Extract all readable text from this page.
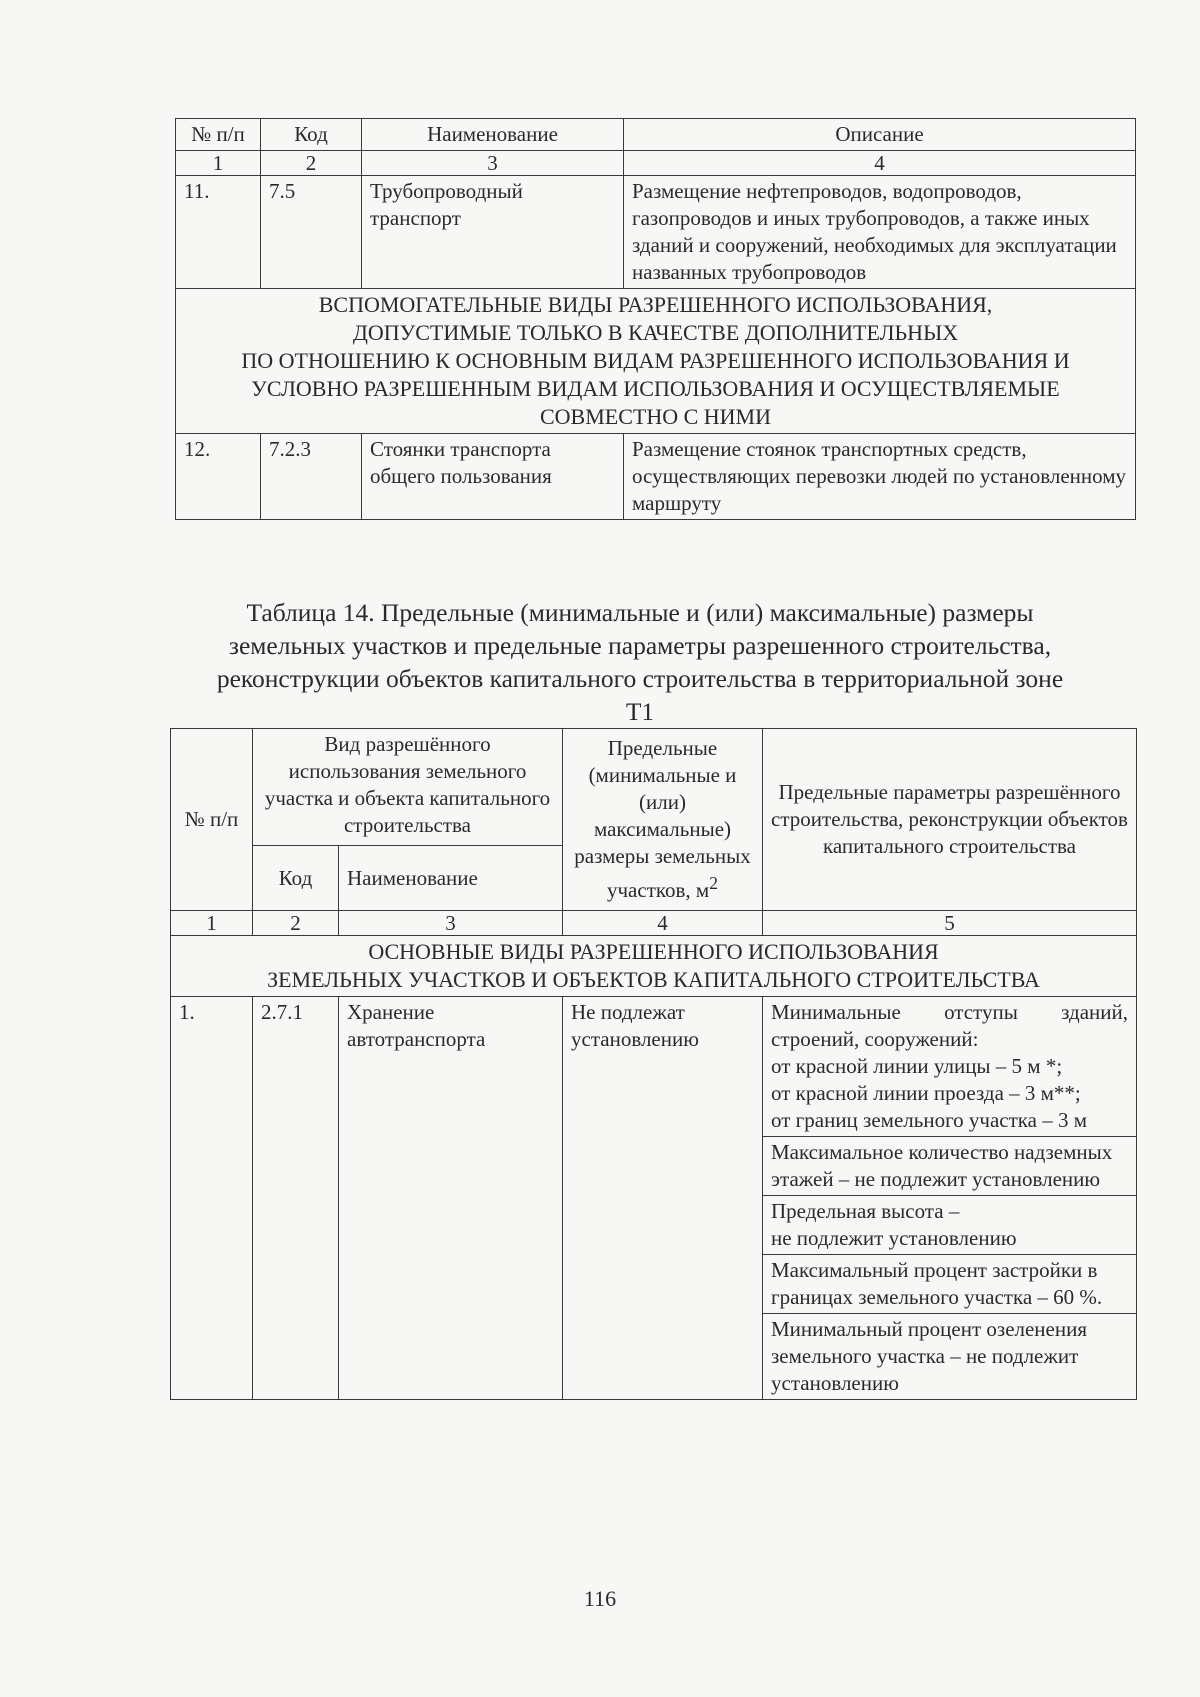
№ п/п	Код	Наименование	Описание
1	2	3	4
11.	7.5	Трубопроводный транспорт	Размещение нефтепроводов, водопроводов, газопроводов и иных трубопроводов, а также иных зданий и сооружений, необходимых для эксплуатации названных трубопроводов

ВСПОМОГАТЕЛЬНЫЕ ВИДЫ РАЗРЕШЕННОГО ИСПОЛЬЗОВАНИЯ,
ДОПУСТИМЫЕ ТОЛЬКО В КАЧЕСТВЕ ДОПОЛНИТЕЛЬНЫХ
ПО ОТНОШЕНИЮ К ОСНОВНЫМ ВИДАМ РАЗРЕШЕННОГО ИСПОЛЬЗОВАНИЯ И
УСЛОВНО РАЗРЕШЕННЫМ ВИДАМ ИСПОЛЬЗОВАНИЯ И ОСУЩЕСТВЛЯЕМЫЕ
СОВМЕСТНО С НИМИ			

12.	7.2.3	Стоянки транспорта общего пользования	Размещение стоянок транспортных средств, осуществляющих перевозки людей по установленному маршруту
Таблица 14. Предельные (минимальные и (или) максимальные) размеры
земельных участков и предельные параметры разрешенного строительства,
реконструкции объектов капитального строительства в территориальной зоне
Т1
№ п/п	Вид разрешённого использования земельного участка и объекта капитального строительства		Предельные (минимальные и (или) максимальные) размеры земельных участков, $м^2$	Предельные параметры разрешённого строительства, реконструкции объектов капитального строительства
	Код	Наименование		
1	2	3	4	5

ОСНОВНЫЕ ВИДЫ РАЗРЕШЕННОГО ИСПОЛЬЗОВАНИЯ
ЗЕМЕЛЬНЫХ УЧАСТКОВ И ОБЪЕКТОВ КАПИТАЛЬНОГО СТРОИТЕЛЬСТВА				

1.	2.7.1	Хранение автотранспорта	Не подлежат установлению	Минимальные отступы зданий, строений, сооружений:
от красной линии улицы – 5 м *;
от красной линии проезда – 3 м**;
от границ земельного участка – 3 м

				Максимальное количество надземных этажей – не подлежит установлению

				Предельная высота –
не подлежит установлению

				Максимальный процент застройки в границах земельного участка – 60 %.
				Минимальный процент озеленения земельного участка – не подлежит установлению
116
